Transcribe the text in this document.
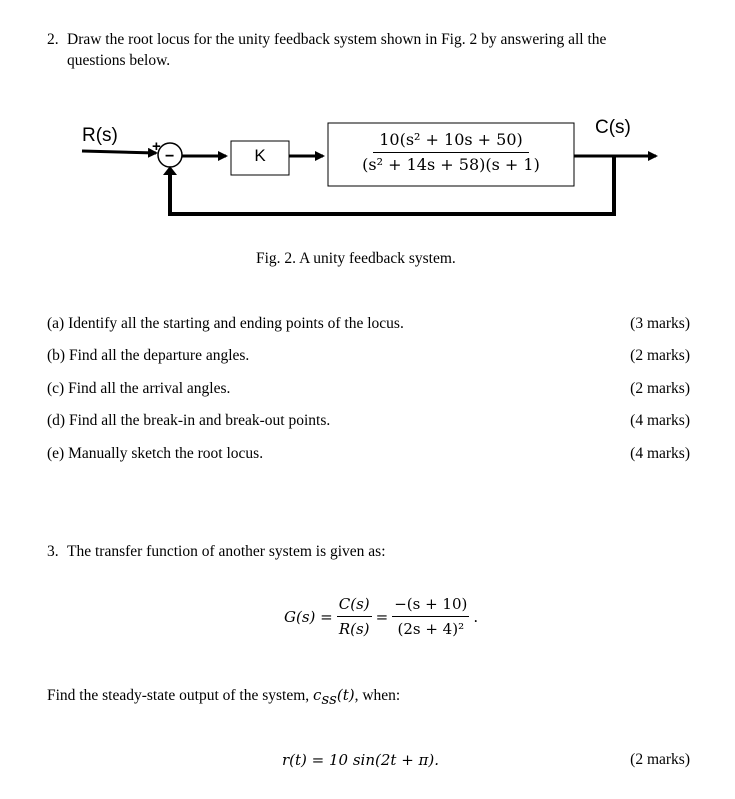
2. Draw the root locus for the unity feedback system shown in Fig. 2 by answering all the
questions below.
R(s)	C(s)
+
−	K	$\frac{\text{10(s² + 10s + 50)}}{\text{(s² + 14s + 58)(s + 1)}}$
Fig. 2. A unity feedback system.
(a) Identify all the starting and ending points of the locus.	(3 marks)
(b) Find all the departure angles.	(2 marks)
(c) Find all the arrival angles.	(2 marks)
(d) Find all the break-in and break-out points.	(4 marks)
(e) Manually sketch the root locus.	(4 marks)
3. The transfer function of another system is given as:
$G(s) = \frac{C(s)}{R(s)} = \frac{-(s + 10)}{\text{(2s + 4)²}}$ .
Find the steady-state output of the system, $c_{ss}(t)$, when:
r(t) = 10 sin(2t + π).	(2 marks)
